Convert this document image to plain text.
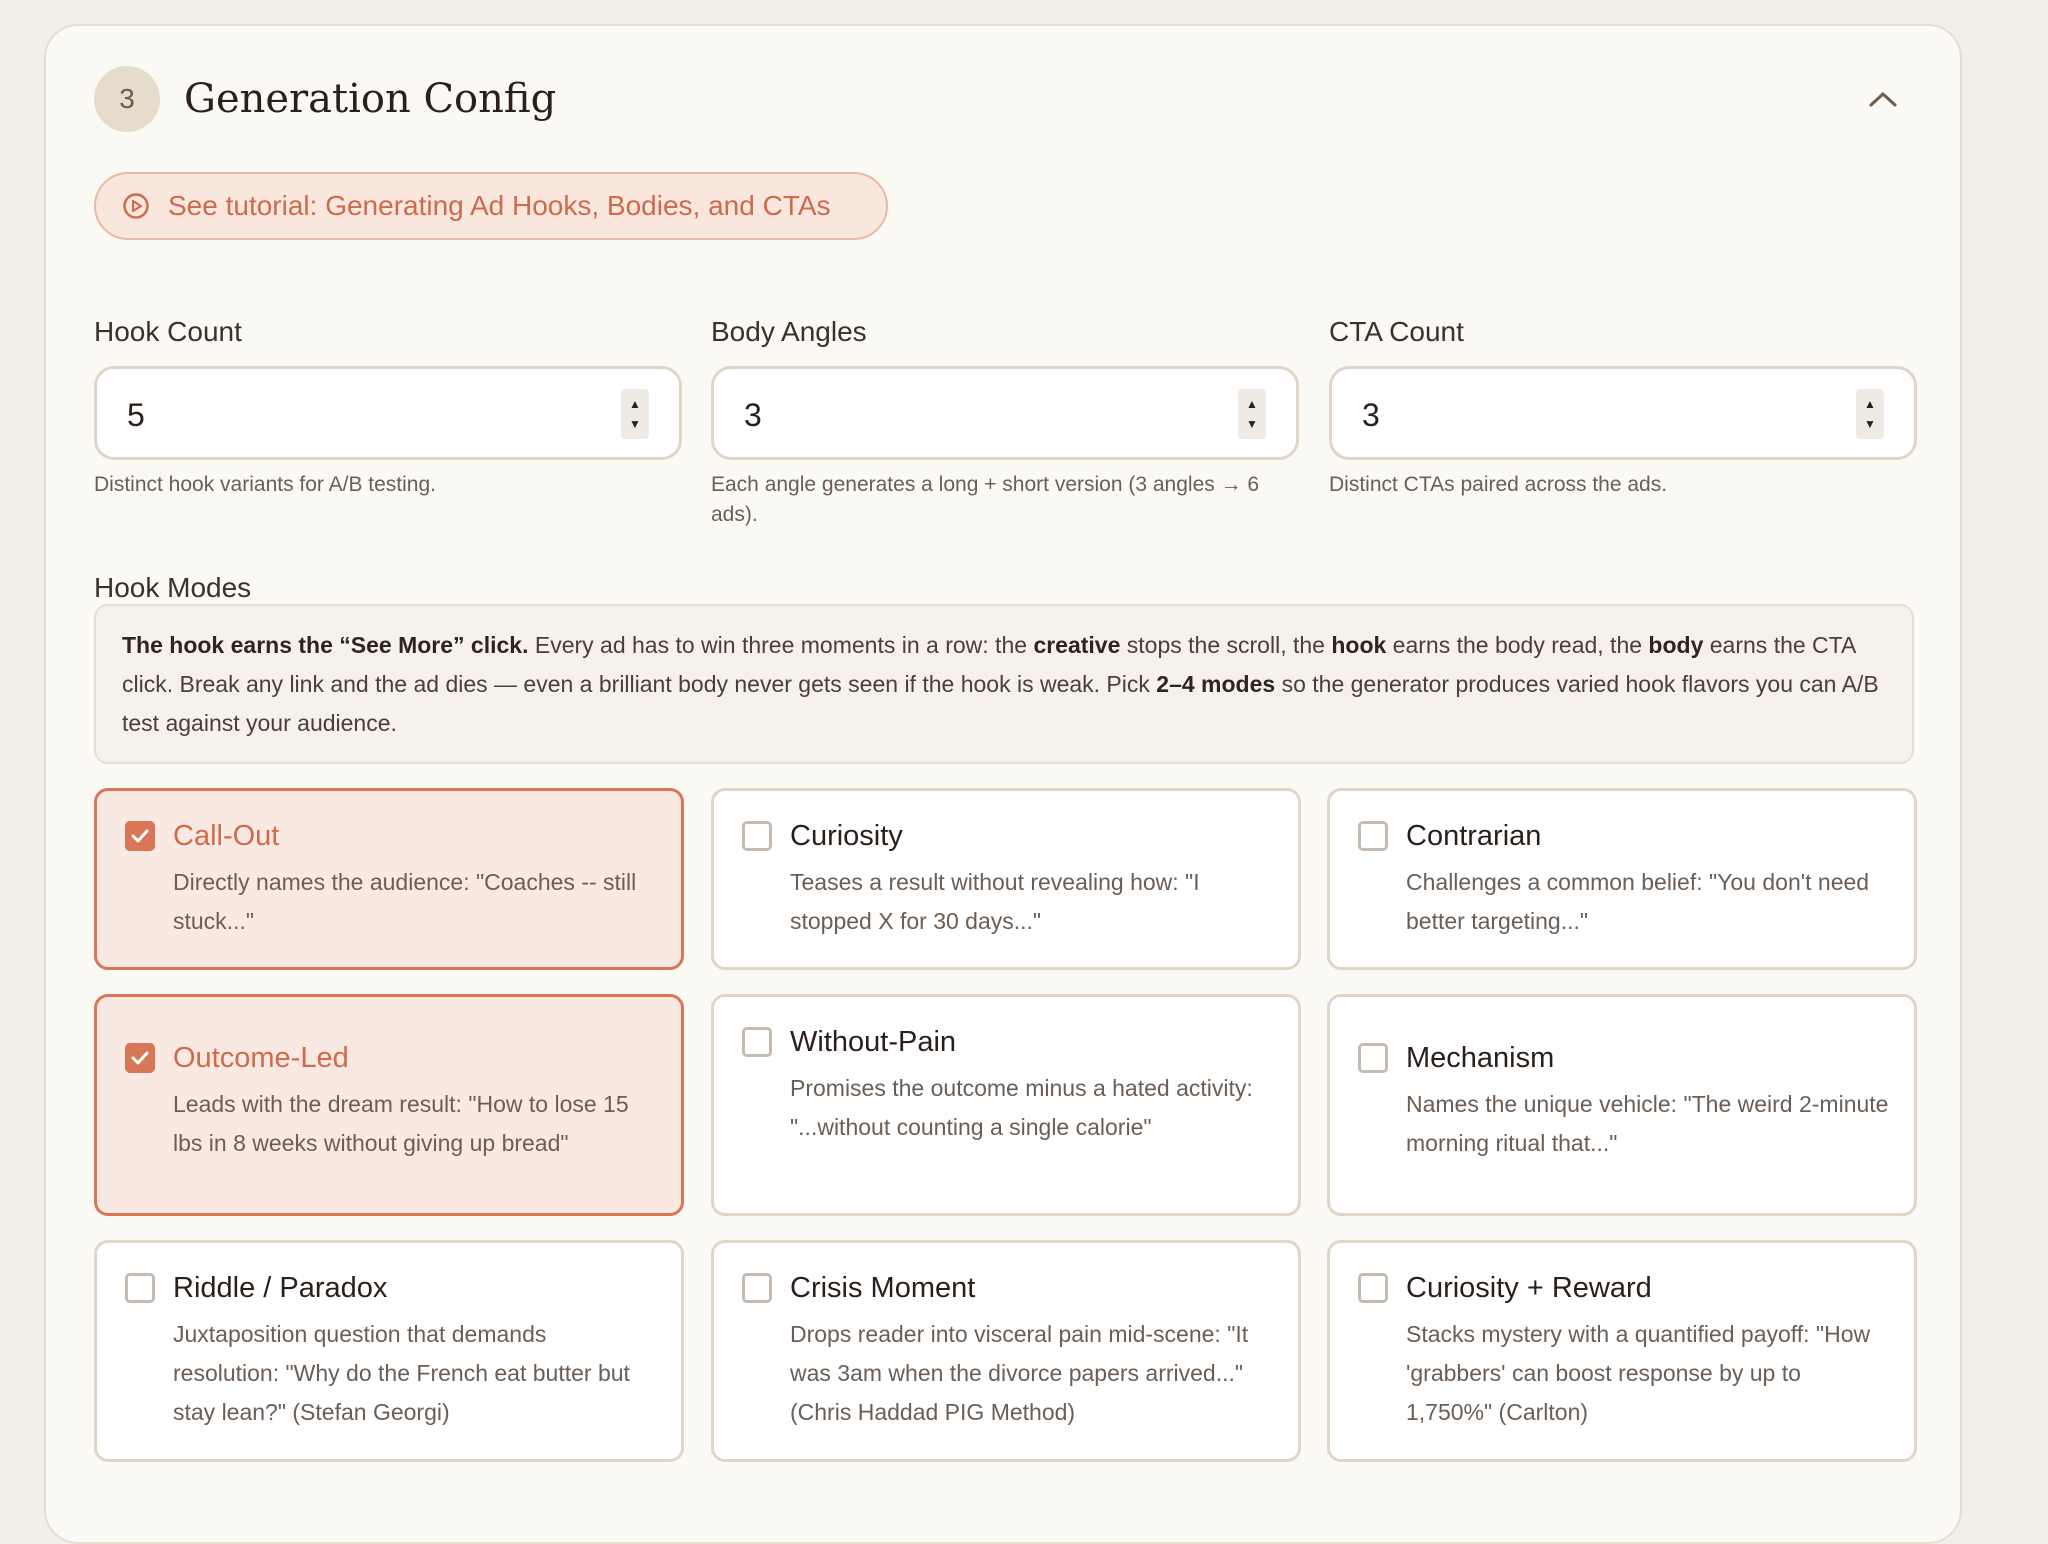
3	Generation Config
See tutorial: Generating Ad Hooks, Bodies, and CTAs
Hook Count
5
▲
▼
Distinct hook variants for A/B testing.
Body Angles
3
▲
▼
Each angle generates a long + short version (3 angles → 6 ads).
CTA Count
3
▲
▼
Distinct CTAs paired across the ads.
Hook Modes
The hook earns the “See More” click. Every ad has to win three moments in a row: the creative stops the scroll, the hook earns the body read, the body earns the CTA click. Break any link and the ad dies — even a brilliant body never gets seen if the hook is weak. Pick 2–4 modes so the generator produces varied hook flavors you can A/B test against your audience.
Call-Out
Directly names the audience: "Coaches -- still stuck..."
Curiosity
Teases a result without revealing how: "I stopped X for 30 days..."
Contrarian
Challenges a common belief: "You don't need better targeting..."
Outcome-Led
Leads with the dream result: "How to lose 15 lbs in 8 weeks without giving up bread"
Without-Pain
Promises the outcome minus a hated activity: "...without counting a single calorie"
Mechanism
Names the unique vehicle: "The weird 2-minute morning ritual that..."
Riddle / Paradox
Juxtaposition question that demands resolution: "Why do the French eat butter but stay lean?" (Stefan Georgi)
Crisis Moment
Drops reader into visceral pain mid-scene: "It was 3am when the divorce papers arrived..." (Chris Haddad PIG Method)
Curiosity + Reward
Stacks mystery with a quantified payoff: "How 'grabbers' can boost response by up to 1,750%" (Carlton)
